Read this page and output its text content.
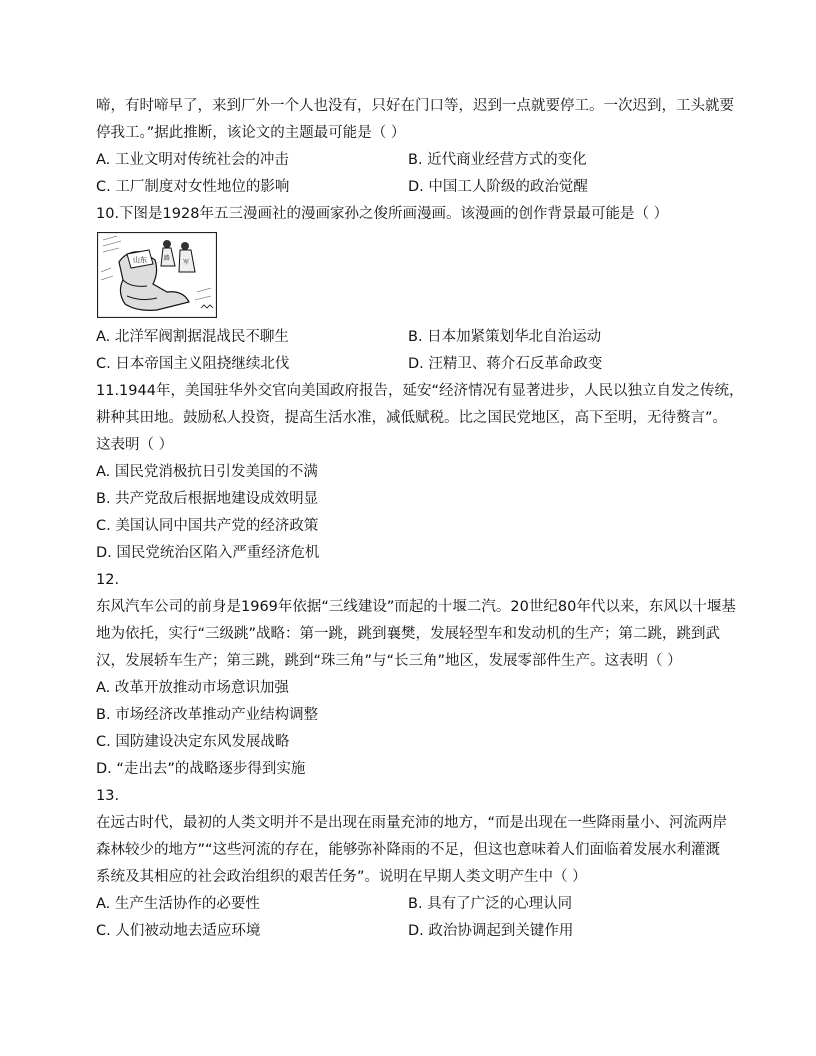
啼，有时啼早了，来到厂外一个人也没有，只好在门口等，迟到一点就要停工。一次迟到，工头就要
停我工。”据此推断，该论文的主题最可能是（ ）
A. 工业文明对传统社会的冲击	B. 近代商业经营方式的变化
C. 工厂制度对女性地位的影响	D. 中国工人阶级的政治觉醒
10.下图是1928年五三漫画社的漫画家孙之俊所画漫画。该漫画的创作背景最可能是（ ）
山东	路
军
A. 北洋军阀割据混战民不聊生	B. 日本加紧策划华北自治运动
C. 日本帝国主义阻挠继续北伐	D. 汪精卫、蒋介石反革命政变
11.1944年，美国驻华外交官向美国政府报告，延安“经济情况有显著进步，人民以独立自发之传统，
耕种其田地。鼓励私人投资，提高生活水准，减低赋税。比之国民党地区，高下至明，无待赘言”。
这表明（ ）
A. 国民党消极抗日引发美国的不满
B. 共产党敌后根据地建设成效明显
C. 美国认同中国共产党的经济政策
D. 国民党统治区陷入严重经济危机
12.
东风汽车公司的前身是1969年依据“三线建设”而起的十堰二汽。20世纪80年代以来，东风以十堰基
地为依托，实行“三级跳”战略：第一跳，跳到襄樊，发展轻型车和发动机的生产；第二跳，跳到武
汉，发展轿车生产；第三跳，跳到“珠三角”与“长三角”地区，发展零部件生产。这表明（ ）
A. 改革开放推动市场意识加强
B. 市场经济改革推动产业结构调整
C. 国防建设决定东风发展战略
D. “走出去”的战略逐步得到实施
13.
在远古时代，最初的人类文明并不是出现在雨量充沛的地方，“而是出现在一些降雨量小、河流两岸
森林较少的地方”“这些河流的存在，能够弥补降雨的不足，但这也意味着人们面临着发展水利灌溉
系统及其相应的社会政治组织的艰苦任务”。说明在早期人类文明产生中（ ）
A. 生产生活协作的必要性	B. 具有了广泛的心理认同
C. 人们被动地去适应环境	D. 政治协调起到关键作用
